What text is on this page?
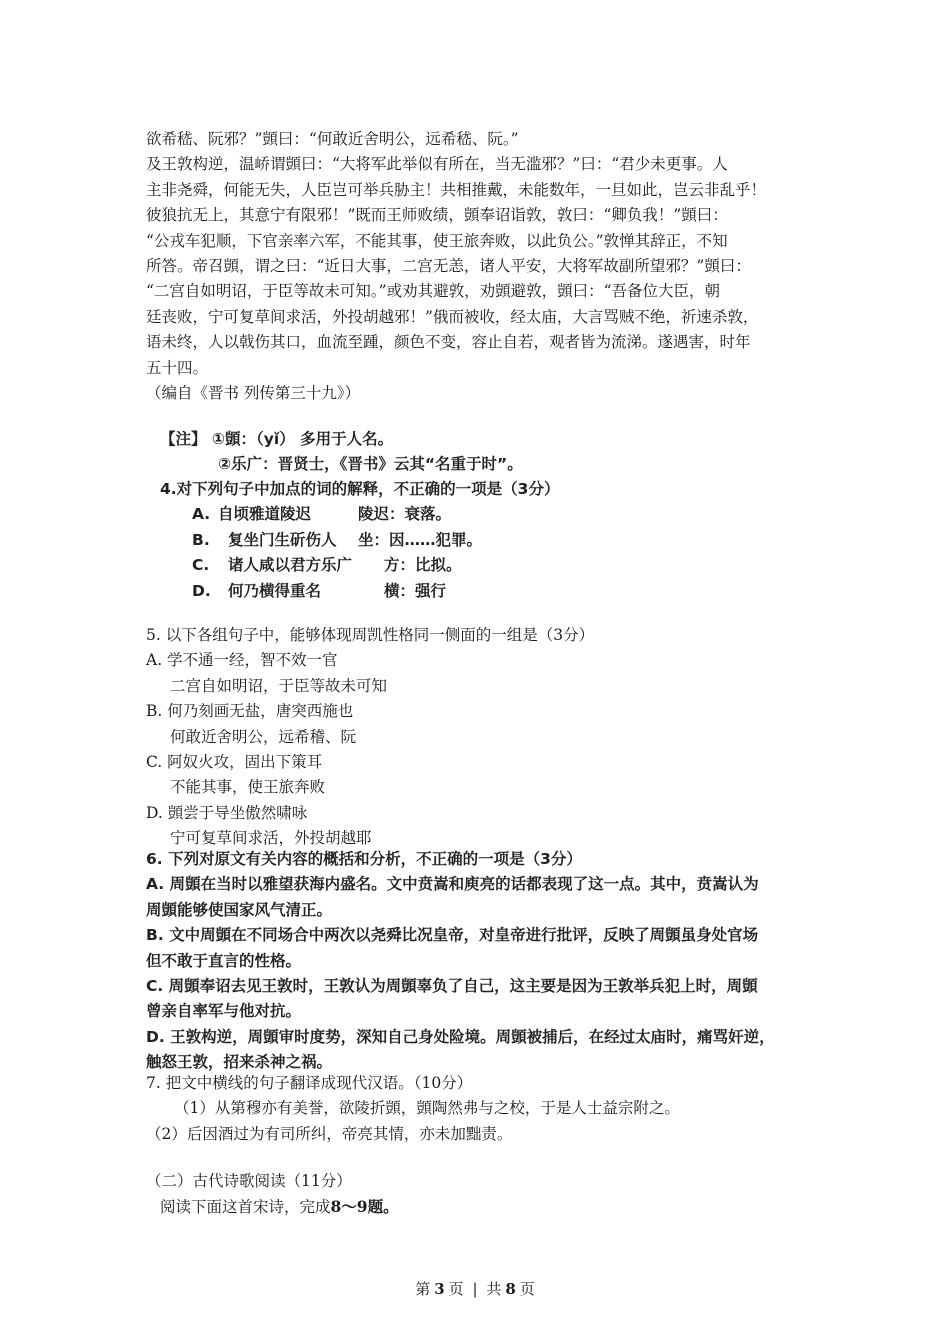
欲希嵇、阮邪？”顗曰：“何敢近舍明公，远希嵇、阮。”

及王敦构逆，温峤谓顗曰：“大将军此举似有所在，当无滥邪？”曰：“君少未更事。人

主非尧舜，何能无失，人臣岂可举兵胁主！共相推戴，未能数年，一旦如此，岂云非乱乎！

彼狼抗无上，其意宁有限邪！”既而王师败绩，顗奉诏诣敦，敦曰：“卿负我！”顗曰：

“公戎车犯顺，下官亲率六军，不能其事，使王旅奔败，以此负公。”敦惮其辞正，不知

所答。帝召顗，谓之曰：“近日大事，二宫无恙，诸人平安，大将军故副所望邪？”顗曰：

“二宫自如明诏，于臣等故未可知。”或劝其避敦，劝顗避敦，顗曰：“吾备位大臣，朝

廷丧败，宁可复草间求活，外投胡越邪！”俄而被收，经太庙，大言骂贼不绝，祈速杀敦，

语未终，人以戟伤其口，血流至踵，颜色不变，容止自若，观者皆为流涕。遂遇害，时年

五十四。

（编自《晋书 列传第三十九》）

【注】 ①顗：（yǐ） 多用于人名。

②乐广：晋贤士，《晋书》云其“名重于时”。

4.对下列句子中加点的词的解释，不正确的一项是（3分）

A. 自顷雅道陵迟	陵迟：衰落。
B.	复坐门生斫伤人	坐：因……犯罪。
C.	诸人咸以君方乐广	方：比拟。
D.	何乃横得重名	横：强行

5. 以下各组句子中，能够体现周凯性格同一侧面的一组是（3分）

A. 学不通一经，智不效一官

二宫自如明诏，于臣等故未可知

B. 何乃刻画无盐，唐突西施也

何敢近舍明公，远希稽、阮

C. 阿奴火攻，固出下策耳

不能其事，使王旅奔败

D. 顗尝于导坐傲然啸咏

宁可复草间求活，外投胡越耶

6. 下列对原文有关内容的概括和分析，不正确的一项是（3分）

A. 周顗在当时以雅望获海内盛名。文中贲嵩和庾亮的话都表现了这一点。其中，贲嵩认为

周顗能够使国家风气清正。

B. 文中周顗在不同场合中两次以尧舜比况皇帝，对皇帝进行批评，反映了周顗虽身处官场

但不敢于直言的性格。

C. 周顗奉诏去见王敦时，王敦认为周顗辜负了自己，这主要是因为王敦举兵犯上时，周顗

曾亲自率军与他对抗。

D. 王敦构逆，周顗审时度势，深知自己身处险境。周顗被捕后，在经过太庙时，痛骂奸逆，

触怒王敦，招来杀神之祸。

7. 把文中横线的句子翻译成现代汉语。（10分）

（1）从第穆亦有美誉，欲陵折顗，顗陶然弗与之校，于是人士益宗附之。

（2）后因酒过为有司所纠，帝亮其情，亦未加黜责。

（二）古代诗歌阅读（11分）

阅读下面这首宋诗，完成8～9题。

第 3 页 | 共 8 页
